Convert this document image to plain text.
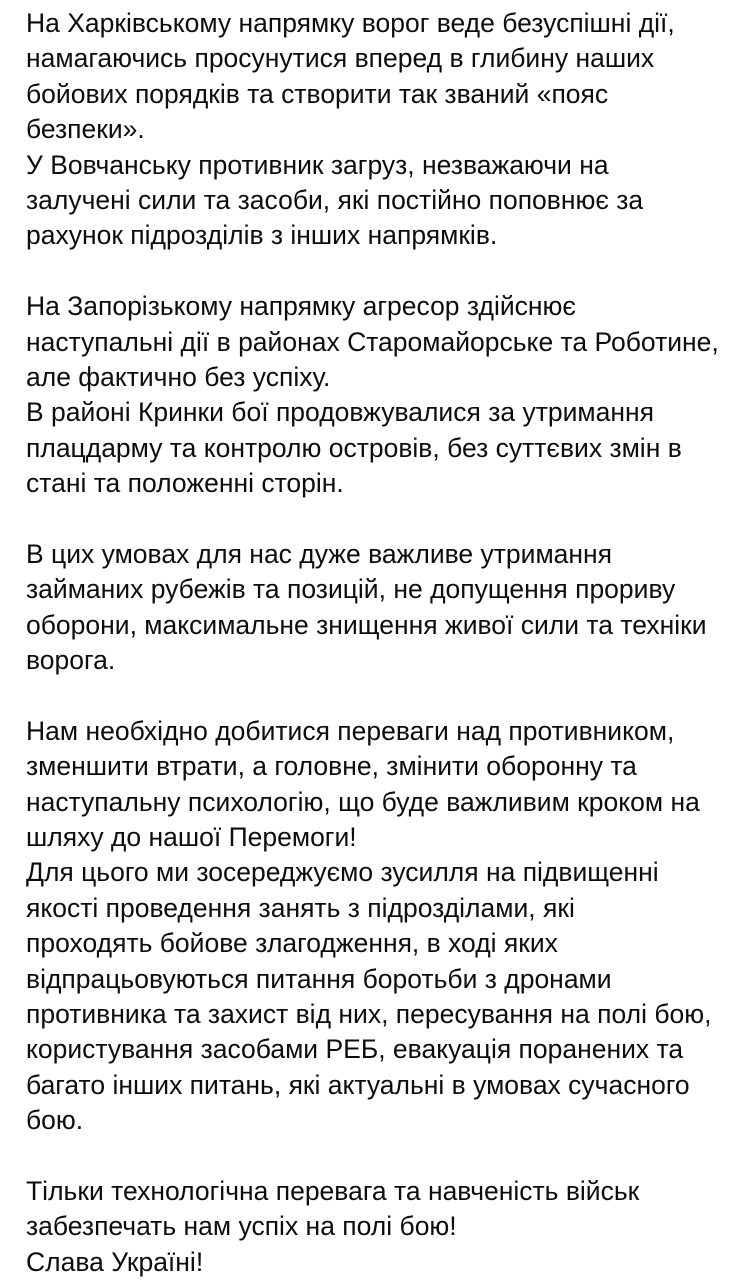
На Харківському напрямку ворог веде безуспішні дії,
намагаючись просунутися вперед в глибину наших
бойових порядків та створити так званий «пояс
безпеки».
У Вовчанську противник загруз, незважаючи на
залучені сили та засоби, які постійно поповнює за
рахунок підрозділів з інших напрямків.
На Запорізькому напрямку агресор здійснює
наступальні дії в районах Старомайорське та Роботине,
але фактично без успіху.
В районі Кринки бої продовжувалися за утримання
плацдарму та контролю островів, без суттєвих змін в
стані та положенні сторін.
В цих умовах для нас дуже важливе утримання
займаних рубежів та позицій, не допущення прориву
оборони, максимальне знищення живої сили та техніки
ворога.
Нам необхідно добитися переваги над противником,
зменшити втрати, а головне, змінити оборонну та
наступальну психологію, що буде важливим кроком на
шляху до нашої Перемоги!
Для цього ми зосереджуємо зусилля на підвищенні
якості проведення занять з підрозділами, які
проходять бойове злагодження, в ході яких
відпрацьовуються питання боротьби з дронами
противника та захист від них, пересування на полі бою,
користування засобами РЕБ, евакуація поранених та
багато інших питань, які актуальні в умовах сучасного
бою.
Тільки технологічна перевага та навченість військ
забезпечать нам успіх на полі бою!
Слава Україні!
